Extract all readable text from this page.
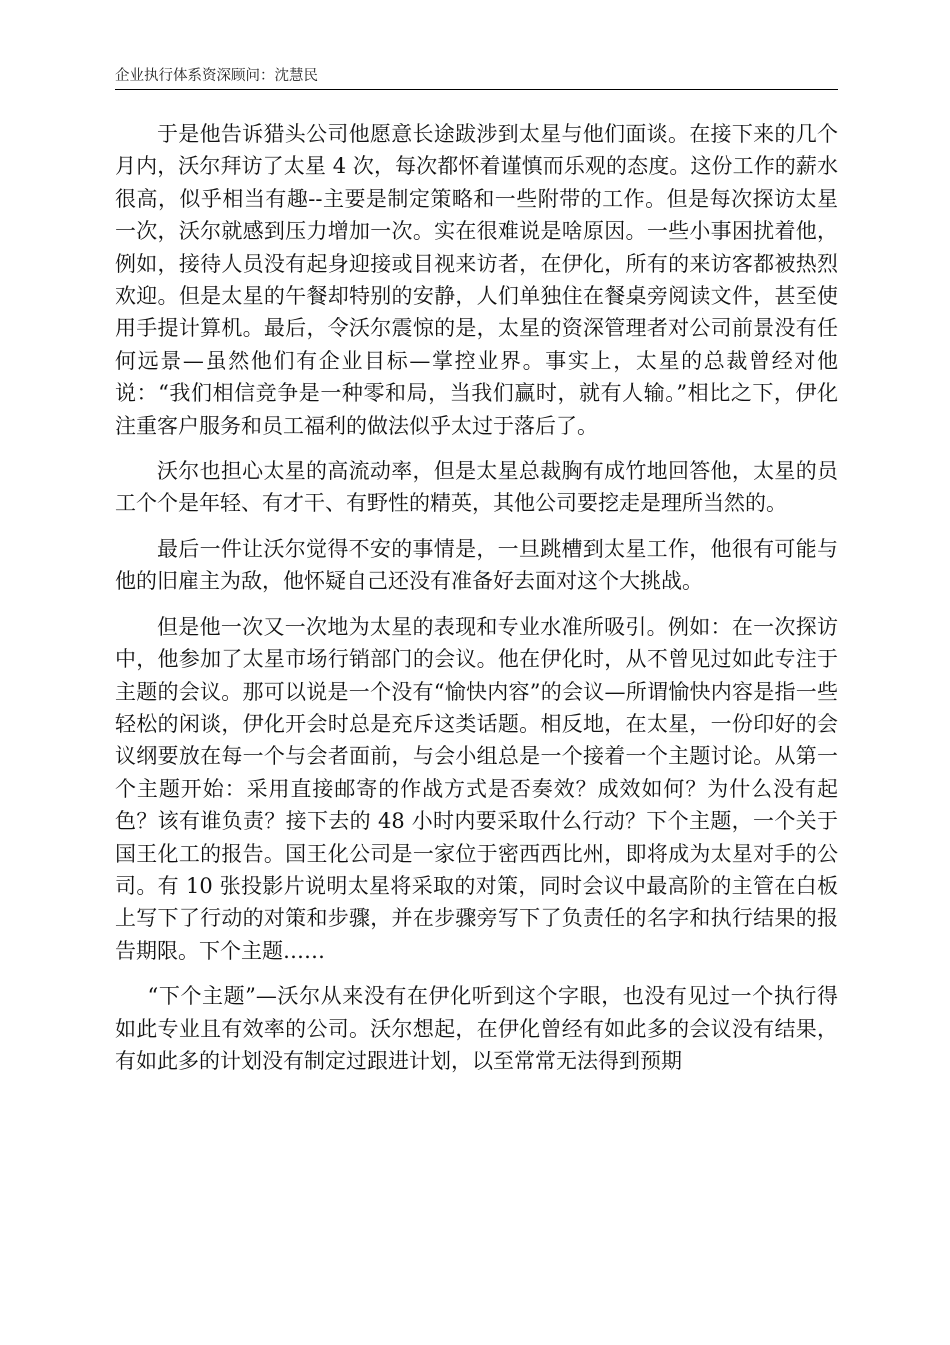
企业执行体系资深顾问：沈慧民

于是他告诉猎头公司他愿意长途跋涉到太星与他们面谈。在接下来的几个月内，沃尔拜访了太星 4 次，每次都怀着谨慎而乐观的态度。这份工作的薪水很高，似乎相当有趣--主要是制定策略和一些附带的工作。但是每次探访太星一次，沃尔就感到压力增加一次。实在很难说是啥原因。一些小事困扰着他，例如，接待人员没有起身迎接或目视来访者，在伊化，所有的来访客都被热烈欢迎。但是太星的午餐却特别的安静，人们单独住在餐桌旁阅读文件，甚至使用手提计算机。最后，令沃尔震惊的是，太星的资深管理者对公司前景没有任何远景—虽然他们有企业目标—掌控业界。事实上，太星的总裁曾经对他说：“我们相信竞争是一种零和局，当我们赢时，就有人输。”相比之下，伊化注重客户服务和员工福利的做法似乎太过于落后了。

沃尔也担心太星的高流动率，但是太星总裁胸有成竹地回答他，太星的员工个个是年轻、有才干、有野性的精英，其他公司要挖走是理所当然的。

最后一件让沃尔觉得不安的事情是，一旦跳槽到太星工作，他很有可能与他的旧雇主为敌，他怀疑自己还没有准备好去面对这个大挑战。

但是他一次又一次地为太星的表现和专业水准所吸引。例如：在一次探访中，他参加了太星市场行销部门的会议。他在伊化时，从不曾见过如此专注于主题的会议。那可以说是一个没有“愉快内容”的会议—所谓愉快内容是指一些轻松的闲谈，伊化开会时总是充斥这类话题。相反地，在太星，一份印好的会议纲要放在每一个与会者面前，与会小组总是一个接着一个主题讨论。从第一个主题开始：采用直接邮寄的作战方式是否奏效？成效如何？为什么没有起色？该有谁负责？接下去的 48 小时内要采取什么行动？下个主题，一个关于国王化工的报告。国王化公司是一家位于密西西比州，即将成为太星对手的公司。有 10 张投影片说明太星将采取的对策，同时会议中最高阶的主管在白板上写下了行动的对策和步骤，并在步骤旁写下了负责任的名字和执行结果的报告期限。下个主题……

“下个主题”—沃尔从来没有在伊化听到这个字眼，也没有见过一个执行得如此专业且有效率的公司。沃尔想起，在伊化曾经有如此多的会议没有结果，有如此多的计划没有制定过跟进计划，以至常常无法得到预期
